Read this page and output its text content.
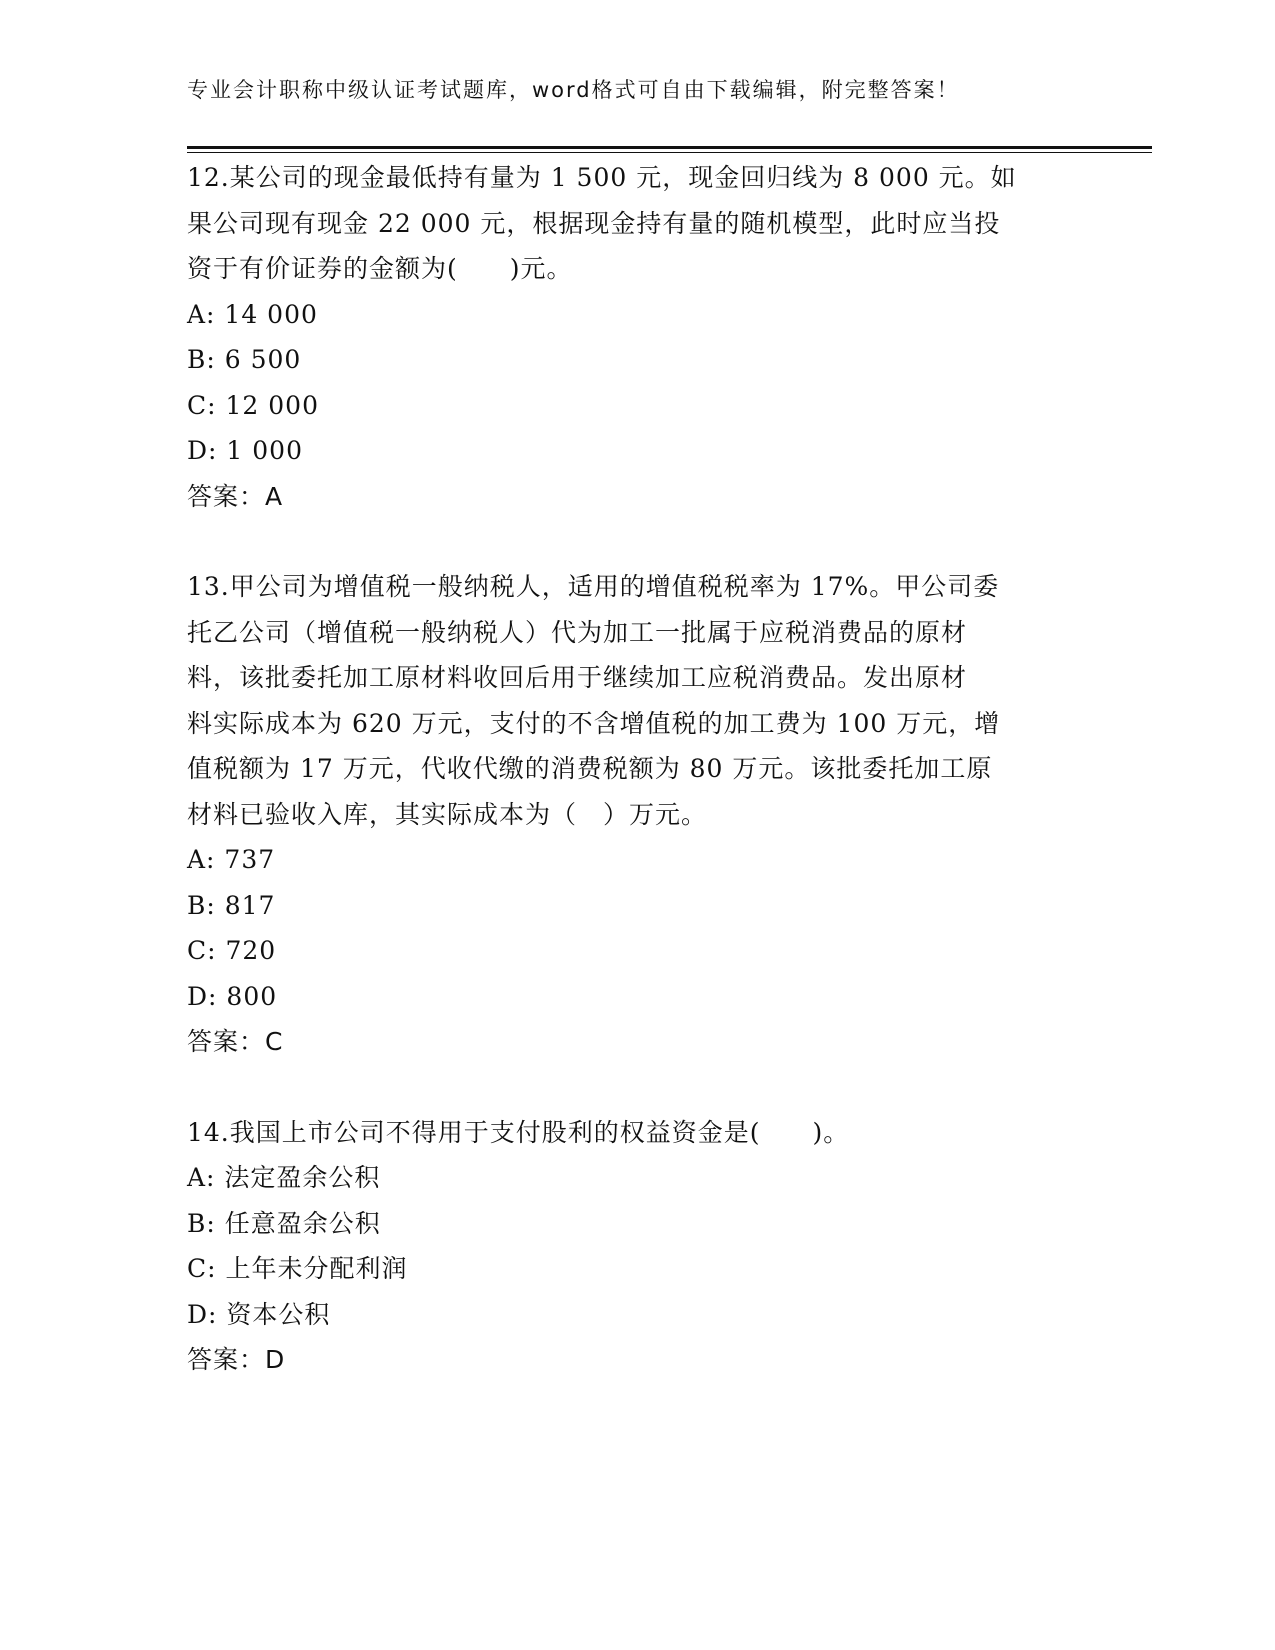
专业会计职称中级认证考试题库，word格式可自由下载编辑，附完整答案！

12.某公司的现金最低持有量为 1 500 元，现金回归线为 8 000 元。如

果公司现有现金 22 000 元，根据现金持有量的随机模型，此时应当投

资于有价证券的金额为(　　)元。

A: 14 000

B: 6 500

C: 12 000

D: 1 000

答案：A

13.甲公司为增值税一般纳税人，适用的增值税税率为 17%。甲公司委

托乙公司（增值税一般纳税人）代为加工一批属于应税消费品的原材

料，该批委托加工原材料收回后用于继续加工应税消费品。发出原材

料实际成本为 620 万元，支付的不含增值税的加工费为 100 万元，增

值税额为 17 万元，代收代缴的消费税额为 80 万元。该批委托加工原

材料已验收入库，其实际成本为（　）万元。

A: 737

B: 817

C: 720

D: 800

答案：C

14.我国上市公司不得用于支付股利的权益资金是(　　)。

A: 法定盈余公积

B: 任意盈余公积

C: 上年未分配利润

D: 资本公积

答案：D
